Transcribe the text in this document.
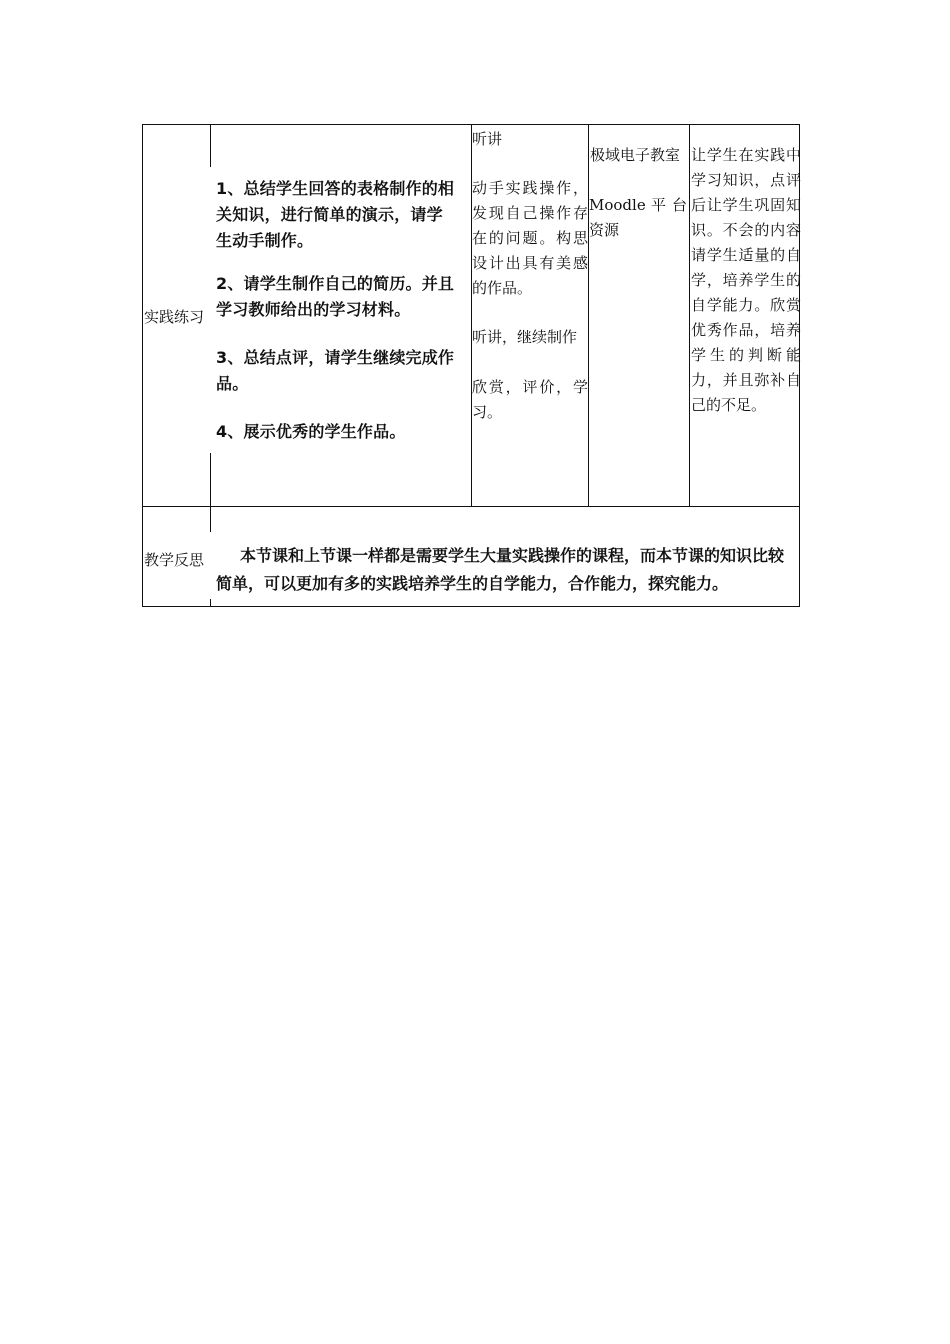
实践练习
1、总结学生回答的表格制作的相关知识，进行简单的演示，请学生动手制作。
2、请学生制作自己的简历。并且学习教师给出的学习材料。
3、总结点评，请学生继续完成作品。
4、展示优秀的学生作品。
听讲
动手实践操作，发现自己操作存在的问题。构思设计出具有美感的作品。
听讲，继续制作
欣赏，评价，学习。
极域电子教室
Moodle 平 台资源
让学生在实践中学习知识，点评后让学生巩固知识。不会的内容请学生适量的自学，培养学生的自学能力。欣赏优秀作品，培养学生的判断能力，并且弥补自己的不足。
教学反思	本节课和上节课一样都是需要学生大量实践操作的课程，而本节课的知识比较简单，可以更加有多的实践培养学生的自学能力，合作能力，探究能力。
